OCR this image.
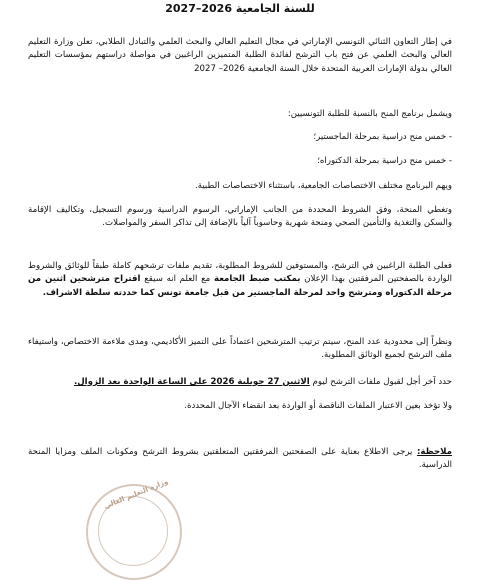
للسنة الجامعية 2026–2027
في إطار التعاون الثنائي التونسي الإماراتي في مجال التعليم العالي والبحث العلمي والتبادل الطلابي، تعلن وزارة التعليم العالي والبحث العلمي عن فتح باب الترشح لفائدة الطلبة المتميزين الراغبين في مواصلة دراستهم بمؤسسات التعليم العالي بدولة الإمارات العربية المتحدة خلال السنة الجامعية 2026– 2027
ويشمل برنامج المنح بالنسبة للطلبة التونسيين:
- خمس منح دراسية بمرحلة الماجستير؛
- خمس منح دراسية بمرحلة الدكتوراه؛
ويهم البرنامج مختلف الاختصاصات الجامعية، باستثناء الاختصاصات الطبية.
وتغطي المنحة، وفق الشروط المحددة من الجانب الإماراتي، الرسوم الدراسية ورسوم التسجيل، وتكاليف الإقامة والسكن والتغذية والتأمين الصحي ومنحة شهرية وحاسوباً آلياً بالإضافة إلى تذاكر السفر والمواصلات.
فعلى الطلبة الراغبين في الترشح، والمستوفين للشروط المطلوبة، تقديم ملفات ترشحهم كاملة طبقاً للوثائق والشروط الواردة بالصفحتين المرفقتين بهذا الإعلان بمكتب ضبط الجامعة مع العلم انه سيقع اقتراح مترشحين اثنين من مرحلة الدكتوراه ومترشح واحد لمرحلة الماجستير من قبل جامعة تونس كما حددته سلطة الاشراف.
ونظراً إلى محدودية عدد المنح، سيتم ترتيب المترشحين اعتماداً على التميز الأكاديمي، ومدى ملاءمة الاختصاص، واستيفاء ملف الترشح لجميع الوثائق المطلوبة.
حدد آخر أجل لقبول ملفات الترشح ليوم الاثنين 27 جويلية 2026 على الساعة الواحدة بعد الزوال.
ولا تؤخذ بعين الاعتبار الملفات الناقصة أو الواردة بعد انقضاء الآجال المحددة.
ملاحظة: يرجى الاطلاع بعناية على الصفحتين المرفقتين المتعلقتين بشروط الترشح ومكونات الملف ومزايا المنحة الدراسية.
وزارة التعليم العالي
